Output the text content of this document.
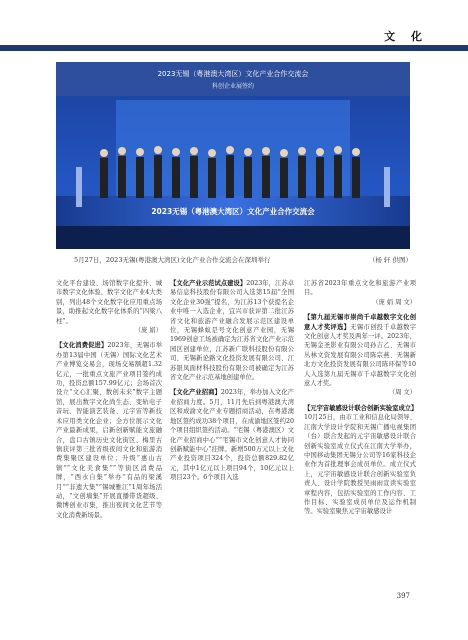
文 化
2023无锡（粤港澳大湾区）文化产业合作交流会
科创企业展签约
2023无锡（粤港澳大湾区）文化产业合作交流会
5月27日，2023无锡(粤港澳大湾区)文化产业合作交流会在深圳举行	（杨 轩 供图）
文化平台建设、场馆数字化提升、城市数字文化体验、数字文化产业4大类别，列出48个文化数字化应用重点场景，助推起文化数字化体系的“四梁八柱”。
（庞 娟）
【文化消费促进】2023年，无锡市举办第13届中国（无锡）国际文化艺术产业博览交易会，现场交易额超1.32亿元，一批重点文旅产业项目签约成功，投资总额157.99亿元；会场首次设立“文心汇聚，数创未来”数字主题馆，展出数字文化尚生态、变轨电子音玩、智能演艺装备、元宇宙等新技术应用类文化企业；全方位展示文化产业最新成果，启新创新赋能文旅融合，盘口古镇历史文化街区、梅里古镇获评第三批省级夜间文化和旅游消费集聚区建设单位；升级“惠山古镇”“文化美食集”“等街区消费品牌，“西水自集”举办“有品的梁溪月”“非遗大集”“锡城雅江”1周年场活动，“文创墙集”开展直播带货超级、微博创业市集，推出夜间文化艺节等文化消费新场景。
【文化产业示范试点建设】2023年，江苏卓易信息科技股份有限公司入选第15届“全国文化企业30强”提名，为江苏13个获提名企业中唯一入选企业，宜兴市获评第二批江苏省文化和旅游产业融合发展示范区建设单位，无锡蜂蚁是号文化创意产业园，无锡1969创意工场被确定为江苏省文化产业示范园区创建单位，江苏新广联科技股份有限公司、无锡新论路文化投资发展有限公司、江苏银凤面材科技股份有限公司被确定为江苏省文化产业示范基地创建单位。
【文化产业招商】2023年，举办加入文化产业招商力度。5月，11月先后到粤港澳大湾区和成渝文化产业专题招商活动，在粤港澳地区签约成功38个项目，在成渝地区签约20个项目组织签约活动。“宅锡（粤港澳区）文化产业招商中心”“宅锡市文化创意人才协同创新赋能中心”挂牌。新增500万元以上文化产业投资项目324个，投资总额829.82亿元，其中1亿元以上项目94个，10亿元以上项目23个。6个项目入选
江苏省2023年重点文化和旅游产业项目。
（庞 娟 周 文）
【第九届无锡市崇尚千卓越数字文化创意人才奖评选】无锡市创投千卓越数字文化创意人才奖及两年一评。2023年，无锡金圣影业有限公司孙吉乙、无锡市丛林文资发展有限公司陈宗燕、无锡新北方文化投资发展有限公司陈环保等10人入选第九届无锡市千卓越数字文化创意人才奖。
（周 文）
【元宇宙敏感设计联合创新实验室成立】10月25日，由市工业和信息化局领导、江南大学设计学院和无锡广播电视集团（台）联合发起的元宇宙敏感设计联合创新实验室成立仪式在江南大学举办，中国移动集团无锡分公司等16家科技企业作为首批理事会成员单位。成立仪式上，元宇宙敏感设计联合创新实验室负责人、设计学院教授吴雨雨宣读实验室章程内容，包括实验室的工作内容、工作目标、实验室成员单位及运作机制等。实验室聚焦元宇宙敏感设计
397
